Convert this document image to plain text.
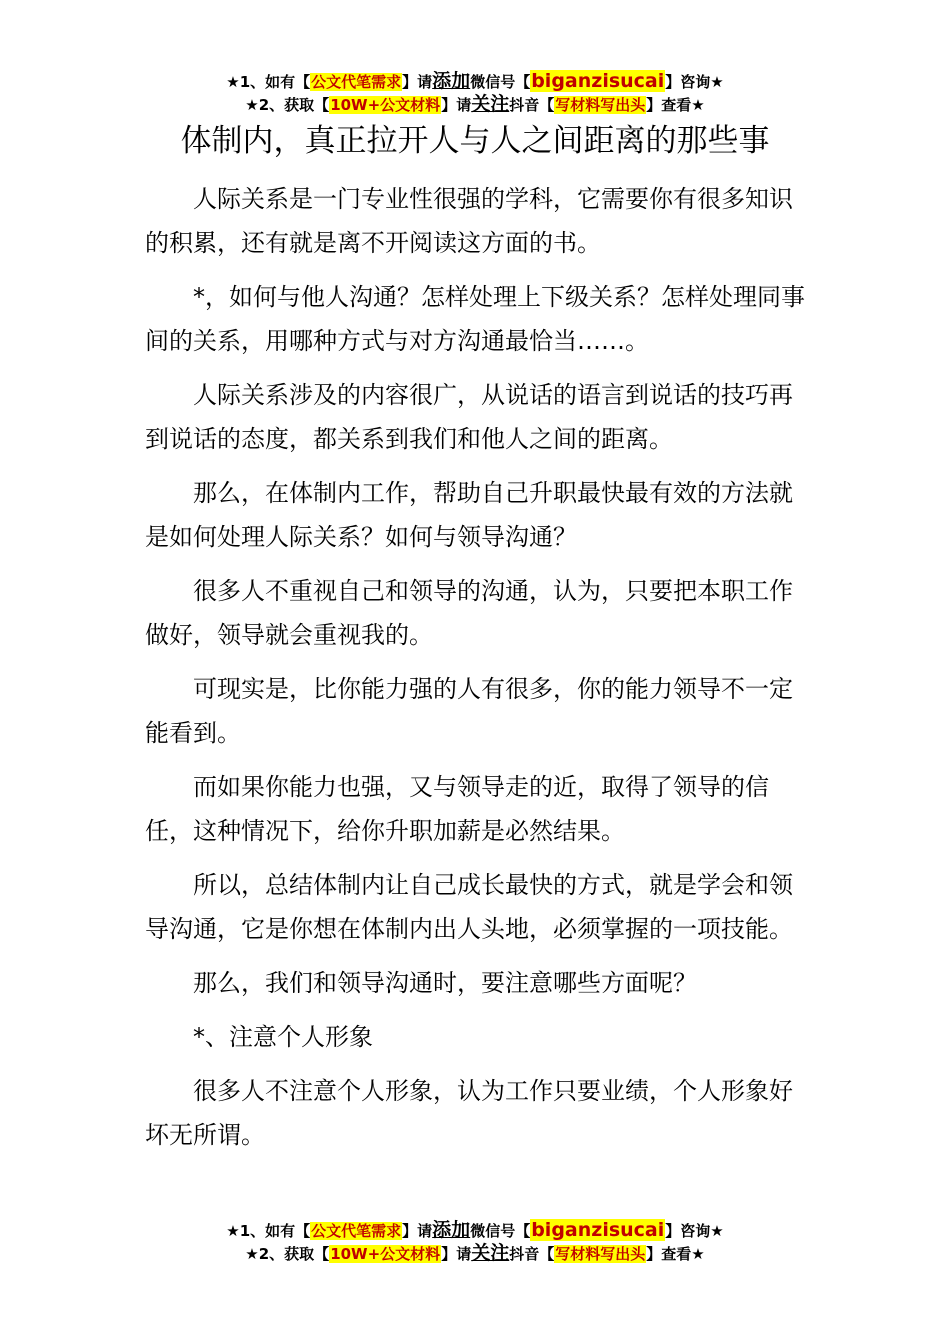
★1、如有【公文代笔需求】请添加微信号【biganzisucai】咨询★
★2、获取【10W+公文材料】请关注抖音【写材料写出头】查看★
体制内，真正拉开人与人之间距离的那些事

人际关系是一门专业性很强的学科，它需要你有很多知识的积累，还有就是离不开阅读这方面的书。

*，如何与他人沟通？怎样处理上下级关系？怎样处理同事间的关系，用哪种方式与对方沟通最恰当……。

人际关系涉及的内容很广，从说话的语言到说话的技巧再到说话的态度，都关系到我们和他人之间的距离。

那么，在体制内工作，帮助自己升职最快最有效的方法就是如何处理人际关系？如何与领导沟通？

很多人不重视自己和领导的沟通，认为，只要把本职工作做好，领导就会重视我的。

可现实是，比你能力强的人有很多，你的能力领导不一定能看到。

而如果你能力也强，又与领导走的近，取得了领导的信任，这种情况下，给你升职加薪是必然结果。

所以，总结体制内让自己成长最快的方式，就是学会和领导沟通，它是你想在体制内出人头地，必须掌握的一项技能。

那么，我们和领导沟通时，要注意哪些方面呢？

*、注意个人形象

很多人不注意个人形象，认为工作只要业绩，个人形象好坏无所谓。

★1、如有【公文代笔需求】请添加微信号【biganzisucai】咨询★
★2、获取【10W+公文材料】请关注抖音【写材料写出头】查看★
